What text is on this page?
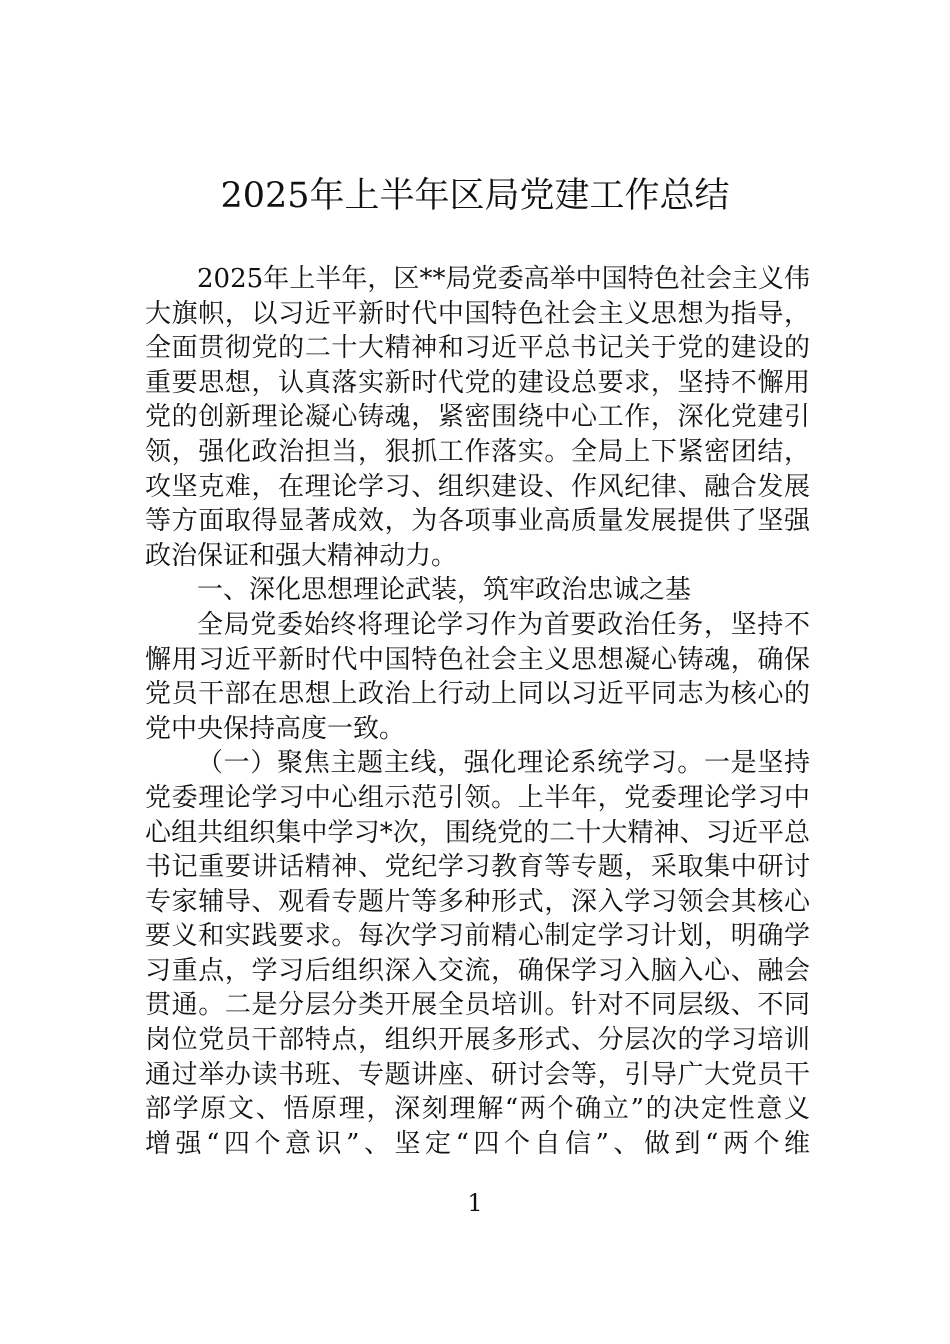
2025年上半年区局党建工作总结
2025年上半年，区**局党委高举中国特色社会主义伟
大旗帜，以习近平新时代中国特色社会主义思想为指导，
全面贯彻党的二十大精神和习近平总书记关于党的建设的
重要思想，认真落实新时代党的建设总要求，坚持不懈用
党的创新理论凝心铸魂，紧密围绕中心工作，深化党建引
领，强化政治担当，狠抓工作落实。全局上下紧密团结，
攻坚克难，在理论学习、组织建设、作风纪律、融合发展
等方面取得显著成效，为各项事业高质量发展提供了坚强
政治保证和强大精神动力。
一、深化思想理论武装，筑牢政治忠诚之基
全局党委始终将理论学习作为首要政治任务，坚持不
懈用习近平新时代中国特色社会主义思想凝心铸魂，确保
党员干部在思想上政治上行动上同以习近平同志为核心的
党中央保持高度一致。
（一）聚焦主题主线，强化理论系统学习。一是坚持
党委理论学习中心组示范引领。上半年，党委理论学习中
心组共组织集中学习*次，围绕党的二十大精神、习近平总
书记重要讲话精神、党纪学习教育等专题，采取集中研讨
专家辅导、观看专题片等多种形式，深入学习领会其核心
要义和实践要求。每次学习前精心制定学习计划，明确学
习重点，学习后组织深入交流，确保学习入脑入心、融会
贯通。二是分层分类开展全员培训。针对不同层级、不同
岗位党员干部特点，组织开展多形式、分层次的学习培训
通过举办读书班、专题讲座、研讨会等，引导广大党员干
部学原文、悟原理，深刻理解“两个确立”的决定性意义
增强“四个意识”、坚定“四个自信”、做到“两个维
1
